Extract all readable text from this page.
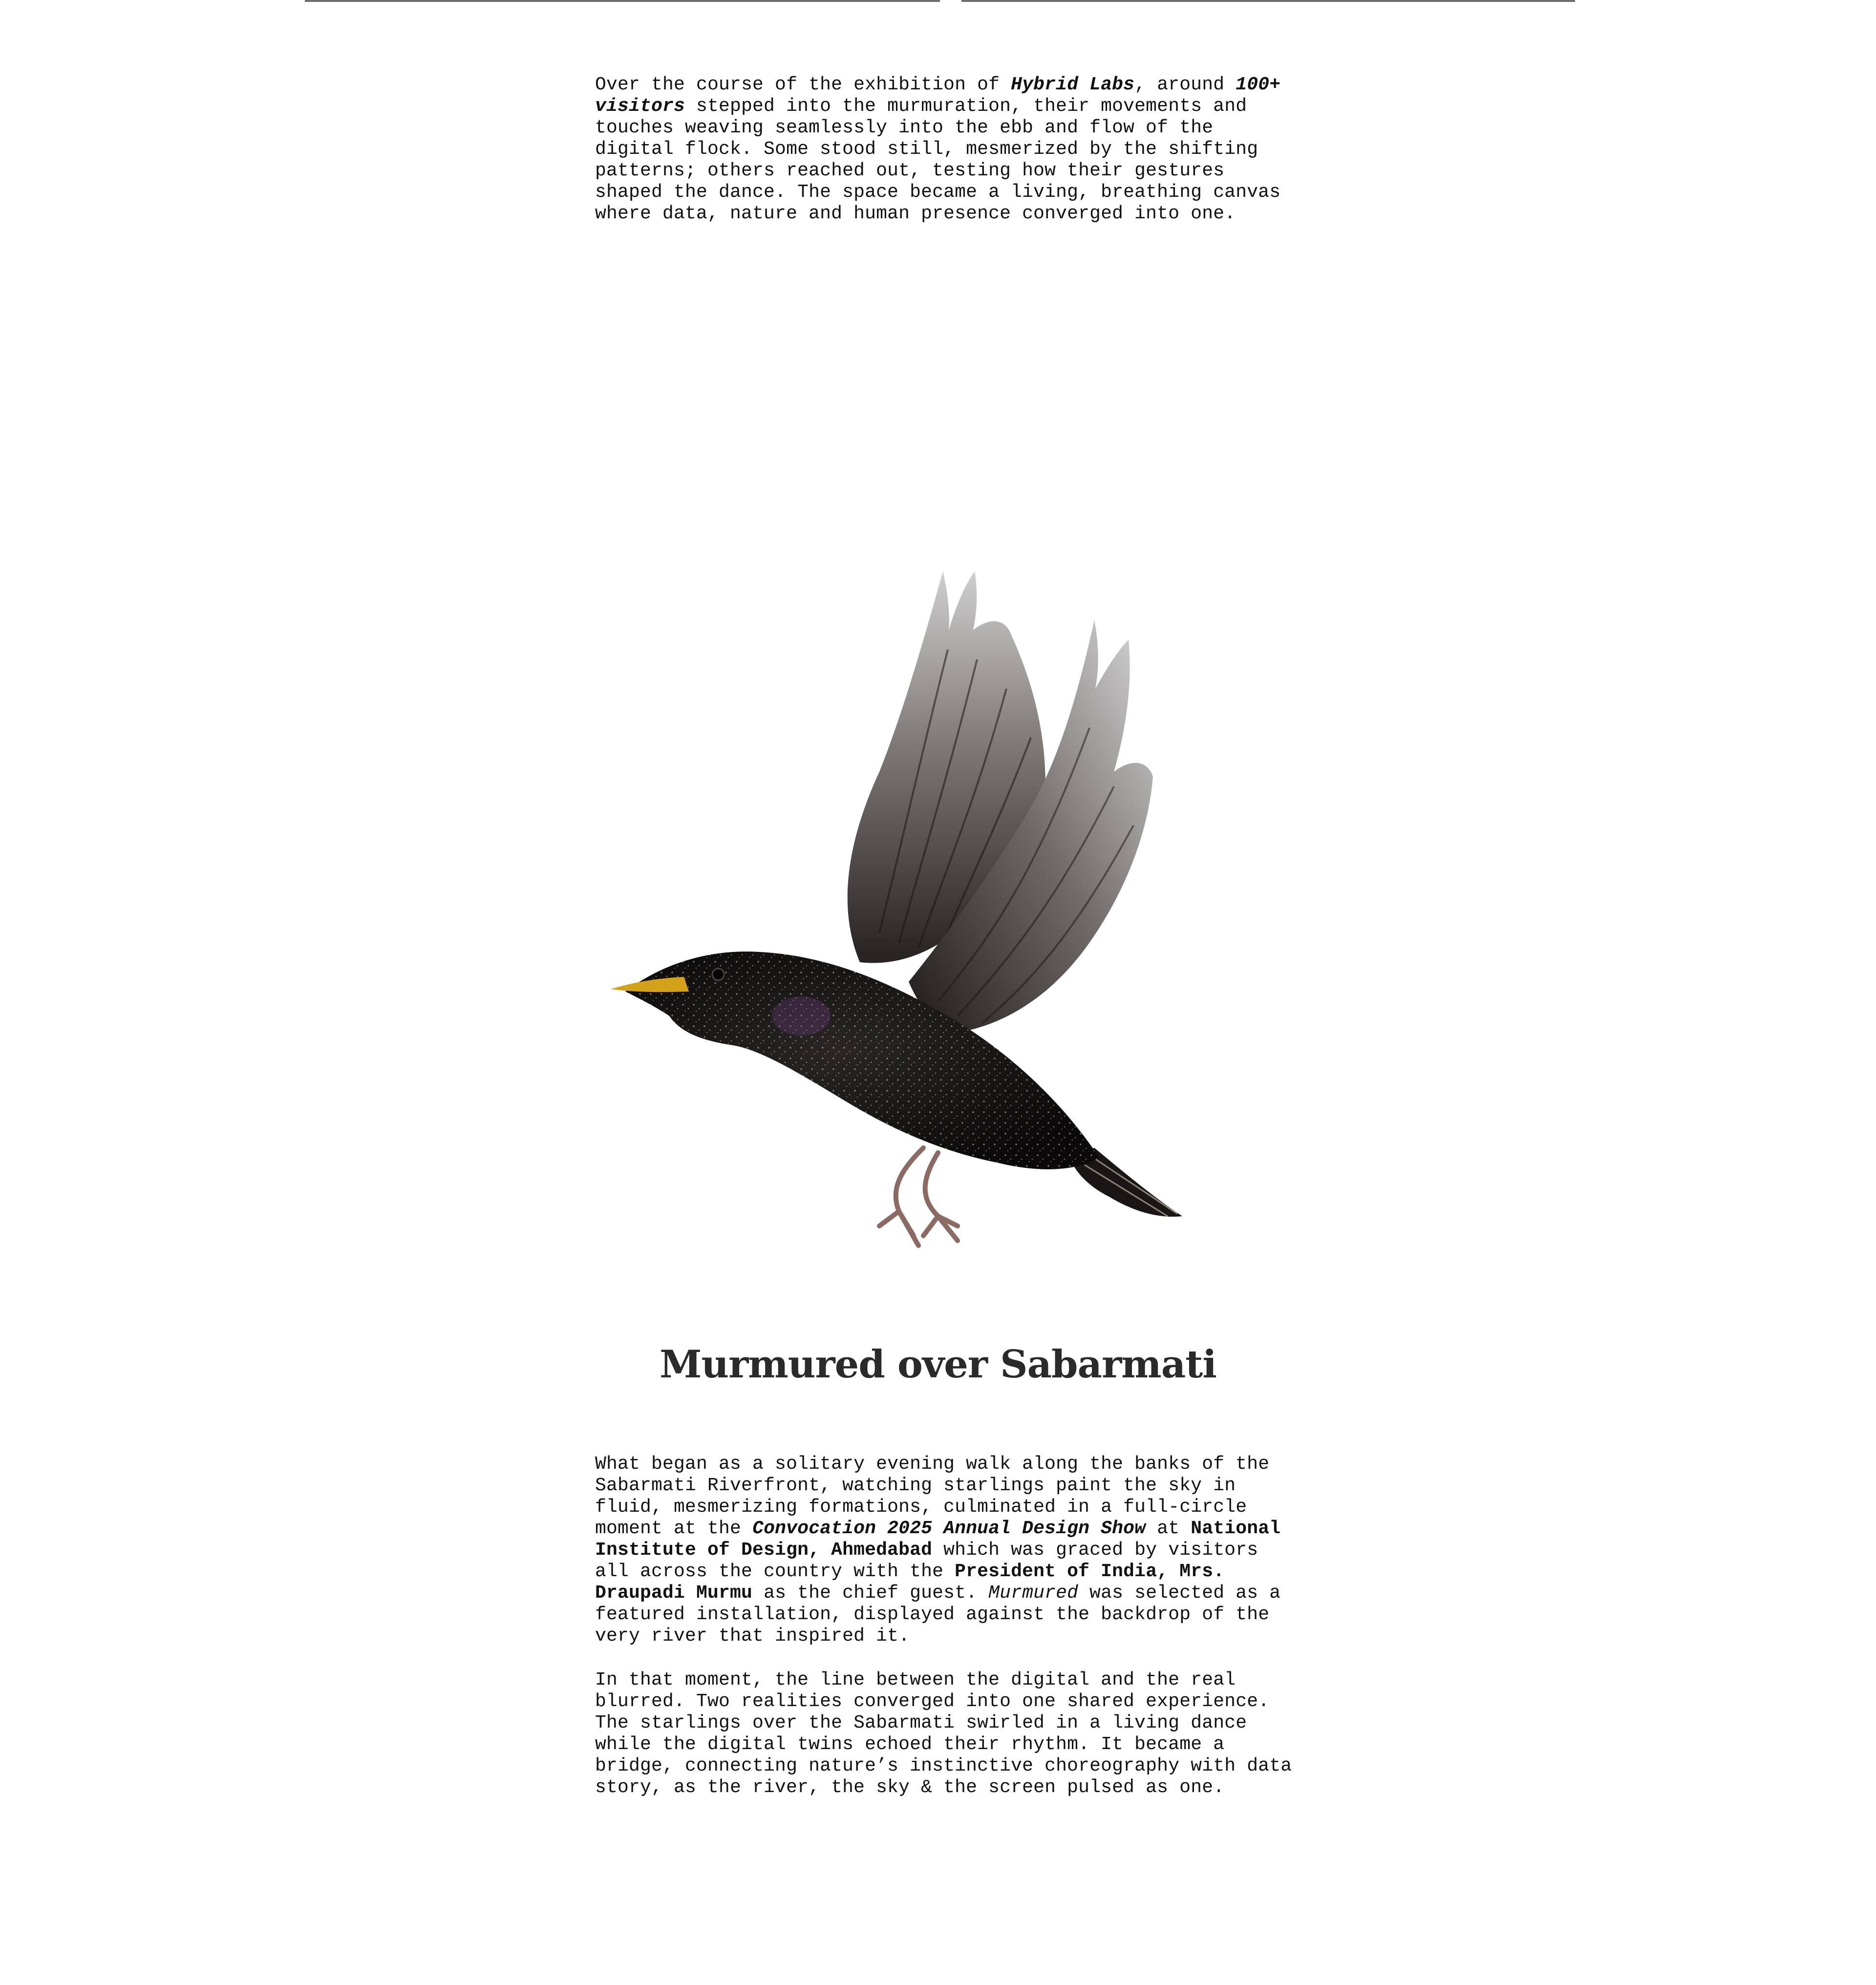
Over the course of the exhibition of Hybrid Labs, around 100+ visitors stepped into the murmuration, their movements and touches weaving seamlessly into the ebb and flow of the digital flock. Some stood still, mesmerized by the shifting patterns; others reached out, testing how their gestures shaped the dance. The space became a living, breathing canvas where data, nature and human presence converged into one.

Murmured over Sabarmati

What began as a solitary evening walk along the banks of the Sabarmati Riverfront, watching starlings paint the sky in fluid, mesmerizing formations, culminated in a full-circle moment at the Convocation 2025 Annual Design Show at National Institute of Design, Ahmedabad which was graced by visitors all across the country with the President of India, Mrs. Draupadi Murmu as the chief guest. Murmured was selected as a featured installation, displayed against the backdrop of the very river that inspired it.

In that moment, the line between the digital and the real blurred. Two realities converged into one shared experience. The starlings over the Sabarmati swirled in a living dance while the digital twins echoed their rhythm. It became a bridge, connecting nature’s instinctive choreography with data story, as the river, the sky & the screen pulsed as one.
